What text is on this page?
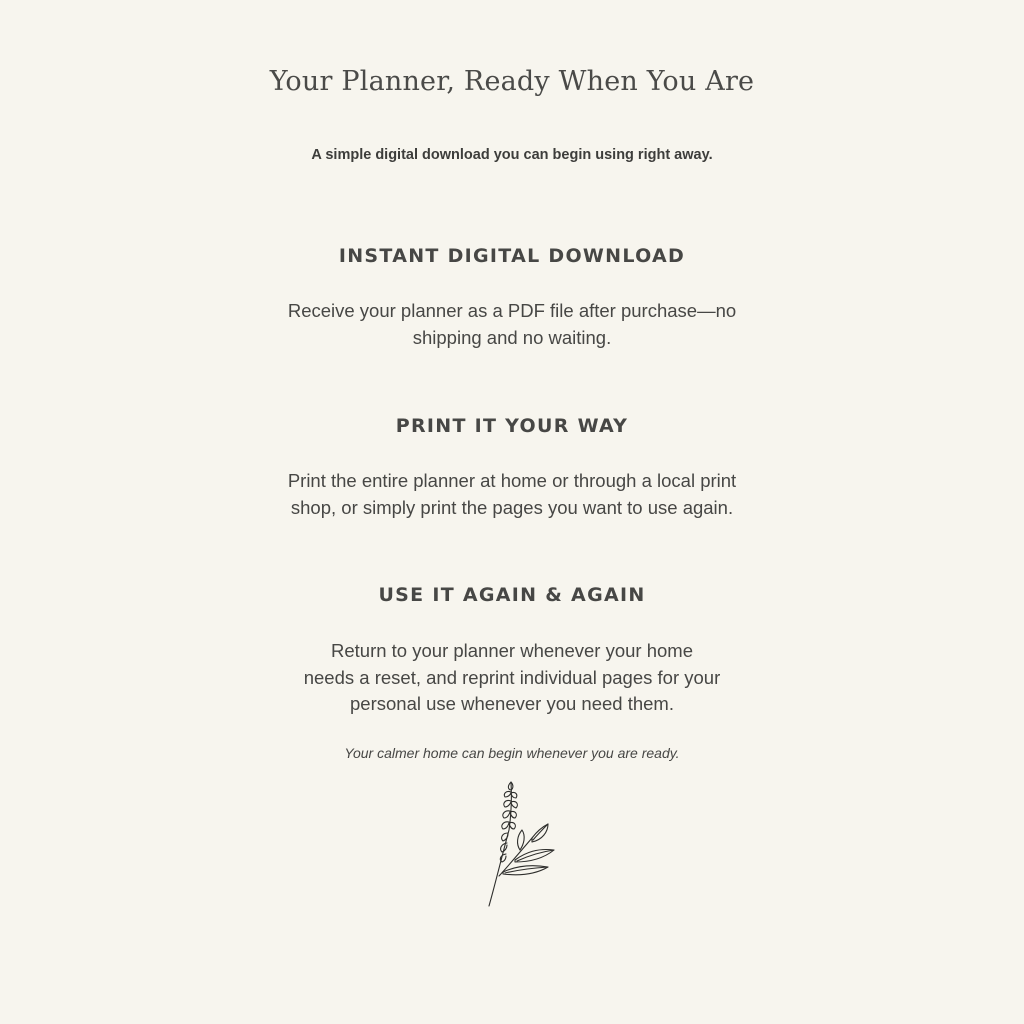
Your Planner, Ready When You Are

A simple digital download you can begin using right away.

INSTANT DIGITAL DOWNLOAD

Receive your planner as a PDF file after purchase—no
shipping and no waiting.

PRINT IT YOUR WAY

Print the entire planner at home or through a local print
shop, or simply print the pages you want to use again.

USE IT AGAIN & AGAIN

Return to your planner whenever your home
needs a reset, and reprint individual pages for your
personal use whenever you need them.

Your calmer home can begin whenever you are ready.
